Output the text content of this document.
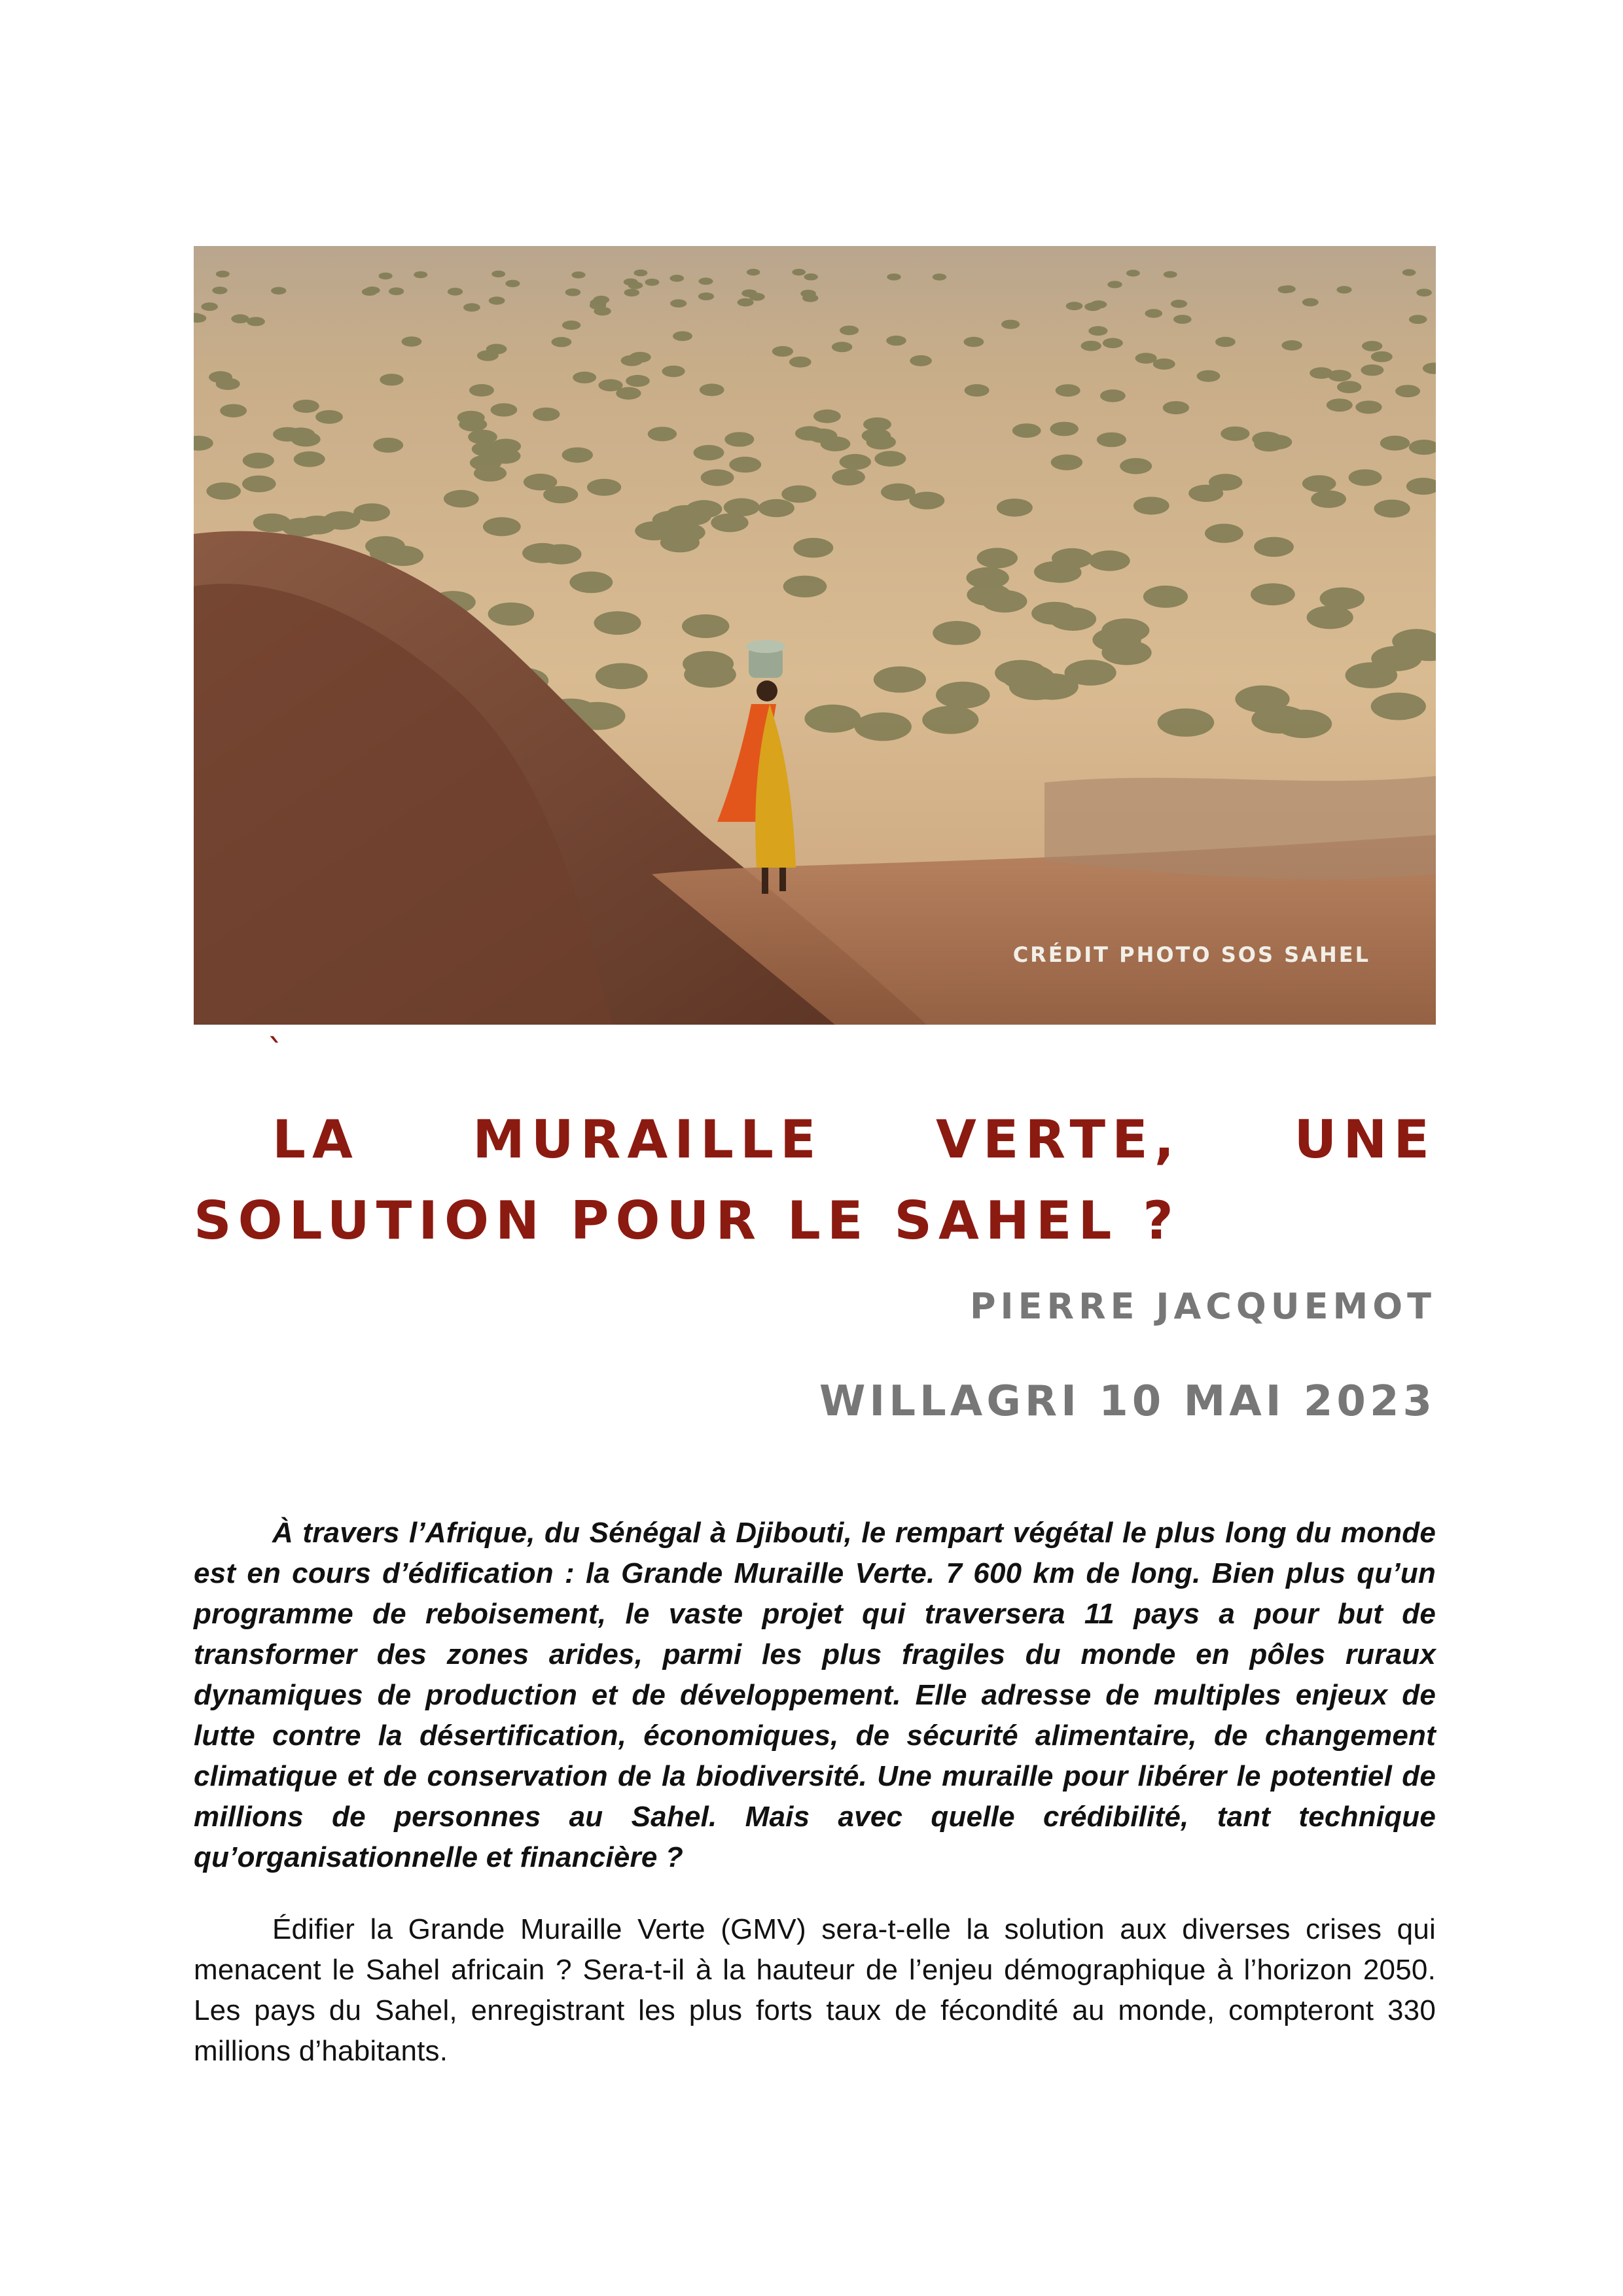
CRÉDIT PHOTO SOS SAHEL
`
LA MURAILLE VERTE, UNE
SOLUTION POUR LE SAHEL ?
PIERRE JACQUEMOT
WILLAGRI 10 MAI 2023

À travers l’Afrique, du Sénégal à Djibouti, le rempart végétal le plus long du monde est en cours d’édification : la Grande Muraille Verte. 7 600 km de long. Bien plus qu’un programme de reboisement, le vaste projet qui traversera 11 pays a pour but de transformer des zones arides, parmi les plus fragiles du monde en pôles ruraux dynamiques de production et de développement. Elle adresse de multiples enjeux de lutte contre la désertification, économiques, de sécurité alimentaire, de changement climatique et de conservation de la biodiversité. Une muraille pour libérer le potentiel de millions de personnes au Sahel. Mais avec quelle crédibilité, tant technique qu’organisationnelle et financière ?

Édifier la Grande Muraille Verte (GMV) sera-t-elle la solution aux diverses crises qui menacent le Sahel africain ? Sera-t-il à la hauteur de l’enjeu démographique à l’horizon 2050. Les pays du Sahel, enregistrant les plus forts taux de fécondité au monde, compteront 330 millions d’habitants.
